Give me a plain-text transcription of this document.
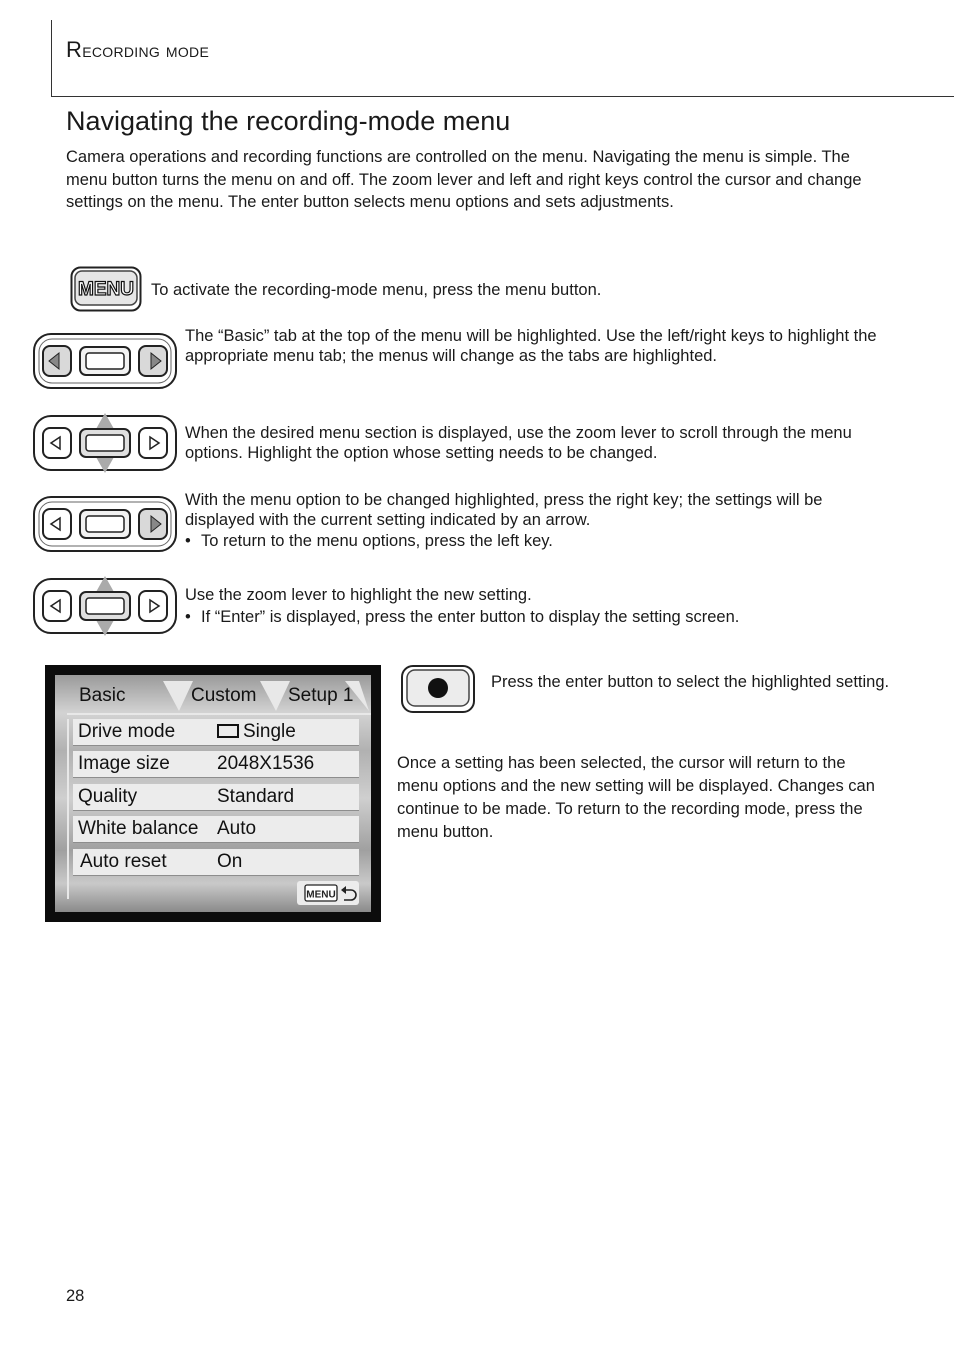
Recording mode
Navigating the recording-mode menu

Camera operations and recording functions are controlled on the menu. Navigating the menu is simple. The menu button turns the menu on and off. The zoom lever and left and right keys control the cursor and change settings on the menu. The enter button selects menu options and sets adjustments.

MENU To activate the recording-mode menu, press the menu button.

The “Basic” tab at the top of the menu will be highlighted. Use the left/right keys to highlight the appropriate menu tab; the menus will change as the tabs are highlighted.

When the desired menu section is displayed, use the zoom lever to scroll through the menu options. Highlight the option whose setting needs to be changed.

With the menu option to be changed highlighted, press the right key; the settings will be displayed with the current setting indicated by an arrow.

• To return to the menu options, press the left key.

Use the zoom lever to highlight the new setting.

• If “Enter” is displayed, press the enter button to display the setting screen.

Basic	Custom Setup 1
Drive mode	Single
Image size 2048X1536
Quality	Standard
White balance Auto
Auto reset	On
MENU

Press the enter button to select the highlighted setting.

Once a setting has been selected, the cursor will return to the menu options and the new setting will be displayed. Changes can continue to be made. To return to the recording mode, press the menu button.

28
